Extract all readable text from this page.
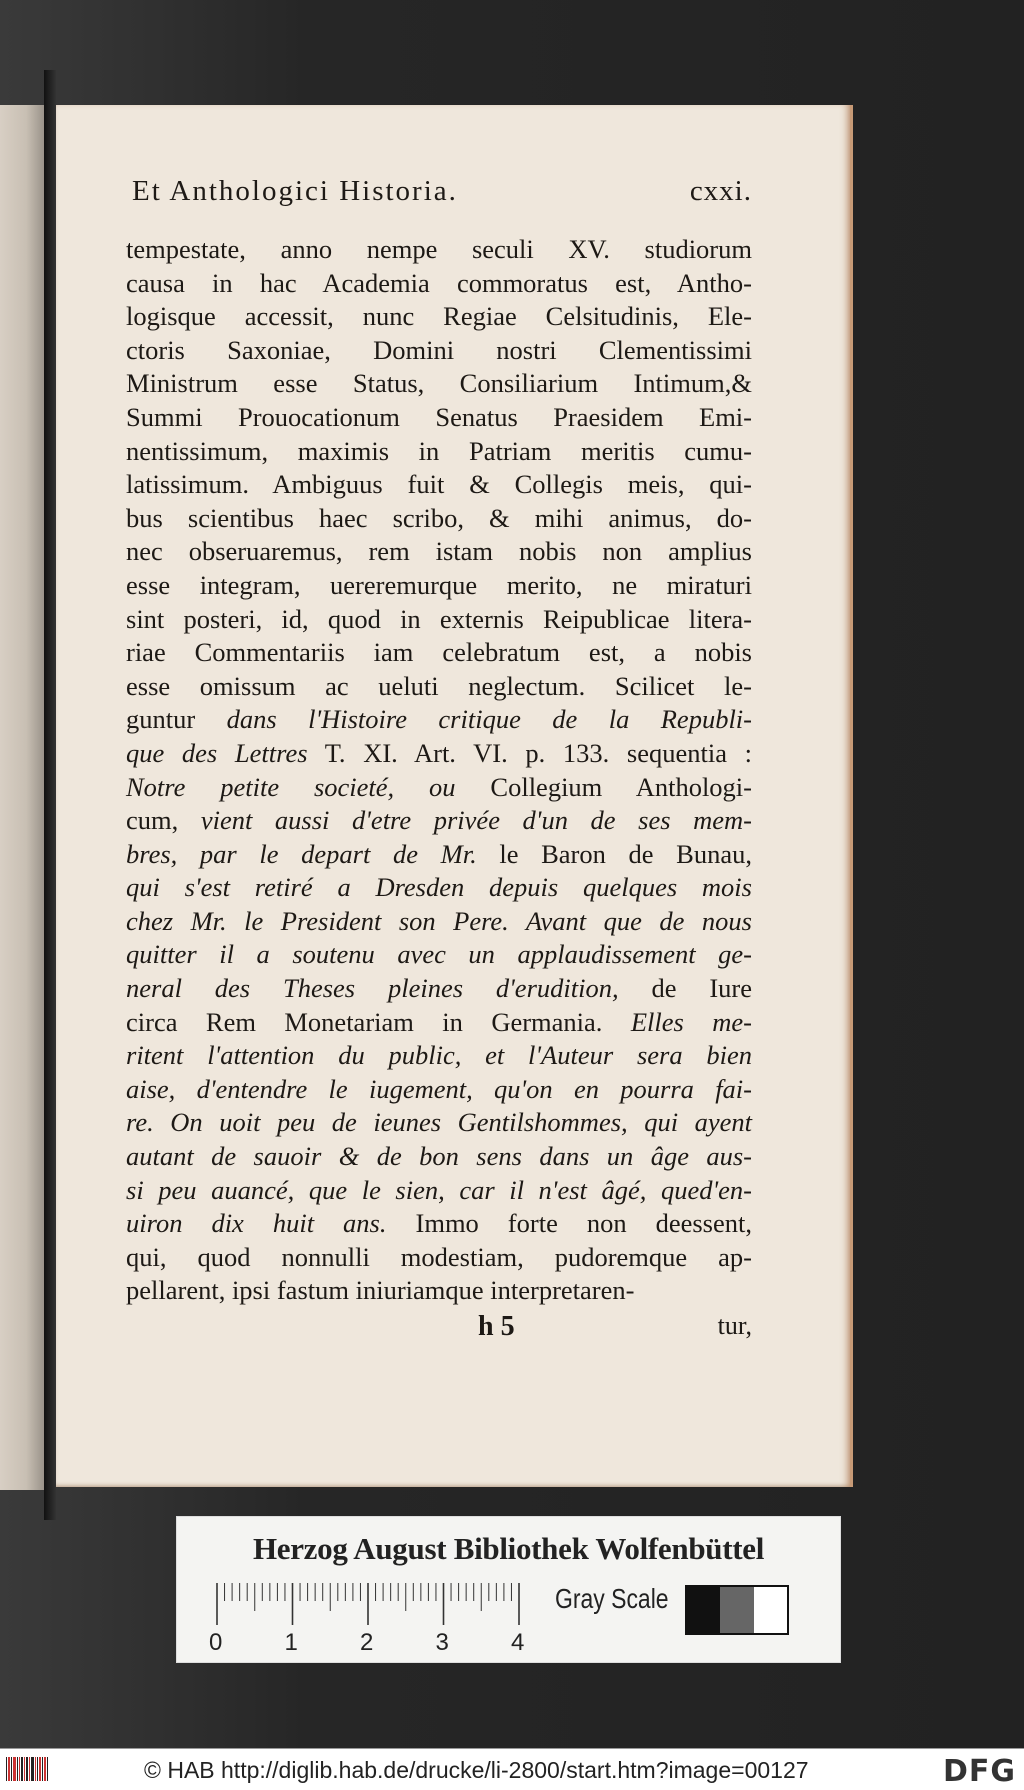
Et Anthologici Historia.	cxxi.
tempestate, anno nempe seculi XV. studiorum
causa in hac Academia commoratus est, Antho-
logisque accessit, nunc Regiae Celsitudinis, Ele-
ctoris Saxoniae, Domini nostri Clementissimi
Ministrum esse Status, Consiliarium Intimum,&
Summi Prouocationum Senatus Praesidem Emi-
nentissimum, maximis in Patriam meritis cumu-
latissimum. Ambiguus fuit & Collegis meis, qui-
bus scientibus haec scribo, & mihi animus, do-
nec obseruaremus, rem istam nobis non amplius
esse integram, uereremurque merito, ne miraturi
sint posteri, id, quod in externis Reipublicae litera-
riae Commentariis iam celebratum est, a nobis
esse omissum ac ueluti neglectum. Scilicet le-
guntur dans l'Histoire critique de la Republi-
que des Lettres T. XI. Art. VI. p. 133. sequentia :
Notre petite societé, ou Collegium Anthologi-
cum, vient aussi d'etre privée d'un de ses mem-
bres, par le depart de Mr. le Baron de Bunau,
qui s'est retiré a Dresden depuis quelques mois
chez Mr. le President son Pere. Avant que de nous
quitter il a soutenu avec un applaudissement ge-
neral des Theses pleines d'erudition, de Iure
circa Rem Monetariam in Germania. Elles me-
ritent l'attention du public, et l'Auteur sera bien
aise, d'entendre le iugement, qu'on en pourra fai-
re. On uoit peu de ieunes Gentilshommes, qui ayent
autant de sauoir & de bon sens dans un âge aus-
si peu auancé, que le sien, car il n'est âgé, qued'en-
uiron dix huit ans. Immo forte non deessent,
qui, quod nonnulli modestiam, pudoremque ap-
pellarent, ipsi fastum iniuriamque interpretaren-
h 5	tur,
Herzog August Bibliothek Wolfenbüttel
0	1	2	3	4
Gray Scale
© HAB http://diglib.hab.de/drucke/li-2800/start.htm?image=00127	DFG
